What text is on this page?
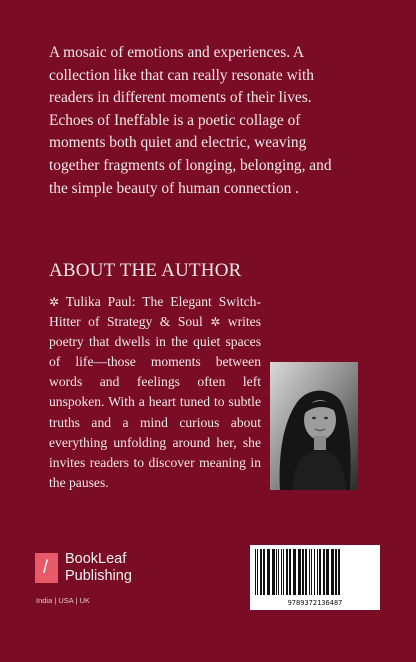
A mosaic of emotions and experiences. A
collection like that can really resonate with
readers in different moments of their lives.
Echoes of Ineffable is a poetic collage of
moments both quiet and electric, weaving
together fragments of longing, belonging, and
the simple beauty of human connection .

ABOUT THE AUTHOR

✲ Tulika Paul: The Elegant Switch-Hitter of Strategy & Soul ✲ writes poetry that dwells in the quiet spaces of life—those moments between words and feelings often left unspoken. With a heart tuned to subtle truths and a mind curious about everything unfolding around her, she invites readers to discover meaning in the pauses.

/ BookLeaf
Publishing
India | USA | UK	9789372136487
